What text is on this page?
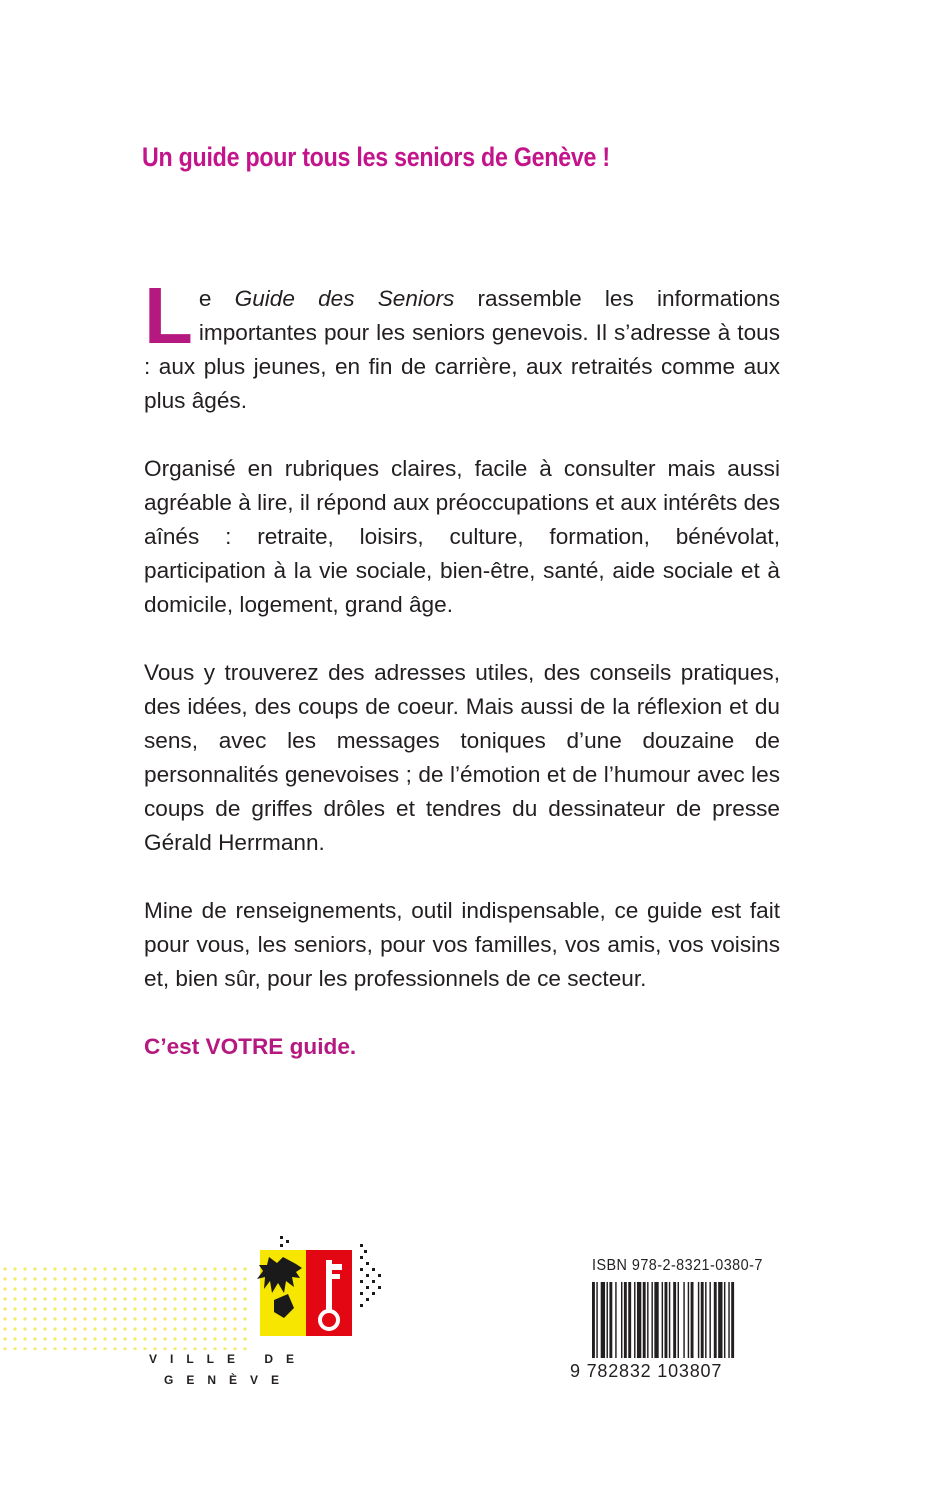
Un guide pour tous les seniors de Genève !

Le Guide des Seniors rassemble les informations importantes pour les seniors genevois. Il s’adresse à tous : aux plus jeunes, en fin de carrière, aux retraités comme aux plus âgés.

Organisé en rubriques claires, facile à consulter mais aussi agréable à lire, il répond aux préoccupations et aux intérêts des aînés : retraite, loisirs, culture, formation, bénévolat, participation à la vie sociale, bien-être, santé, aide sociale et à domicile, logement, grand âge.

Vous y trouverez des adresses utiles, des conseils pratiques, des idées, des coups de coeur. Mais aussi de la réflexion et du sens, avec les messages toniques d’une douzaine de personnalités genevoises ; de l’émotion et de l’humour avec les coups de griffes drôles et tendres du dessinateur de presse Gérald Herrmann.

Mine de renseignements, outil indispensable, ce guide est fait pour vous, les seniors, pour vos familles, vos amis, vos voisins et, bien sûr, pour les professionnels de ce secteur.

C’est VOTRE guide.

VILLE DE
GENÈVE
ISBN 978-2-8321-0380-7
9 782832 103807
